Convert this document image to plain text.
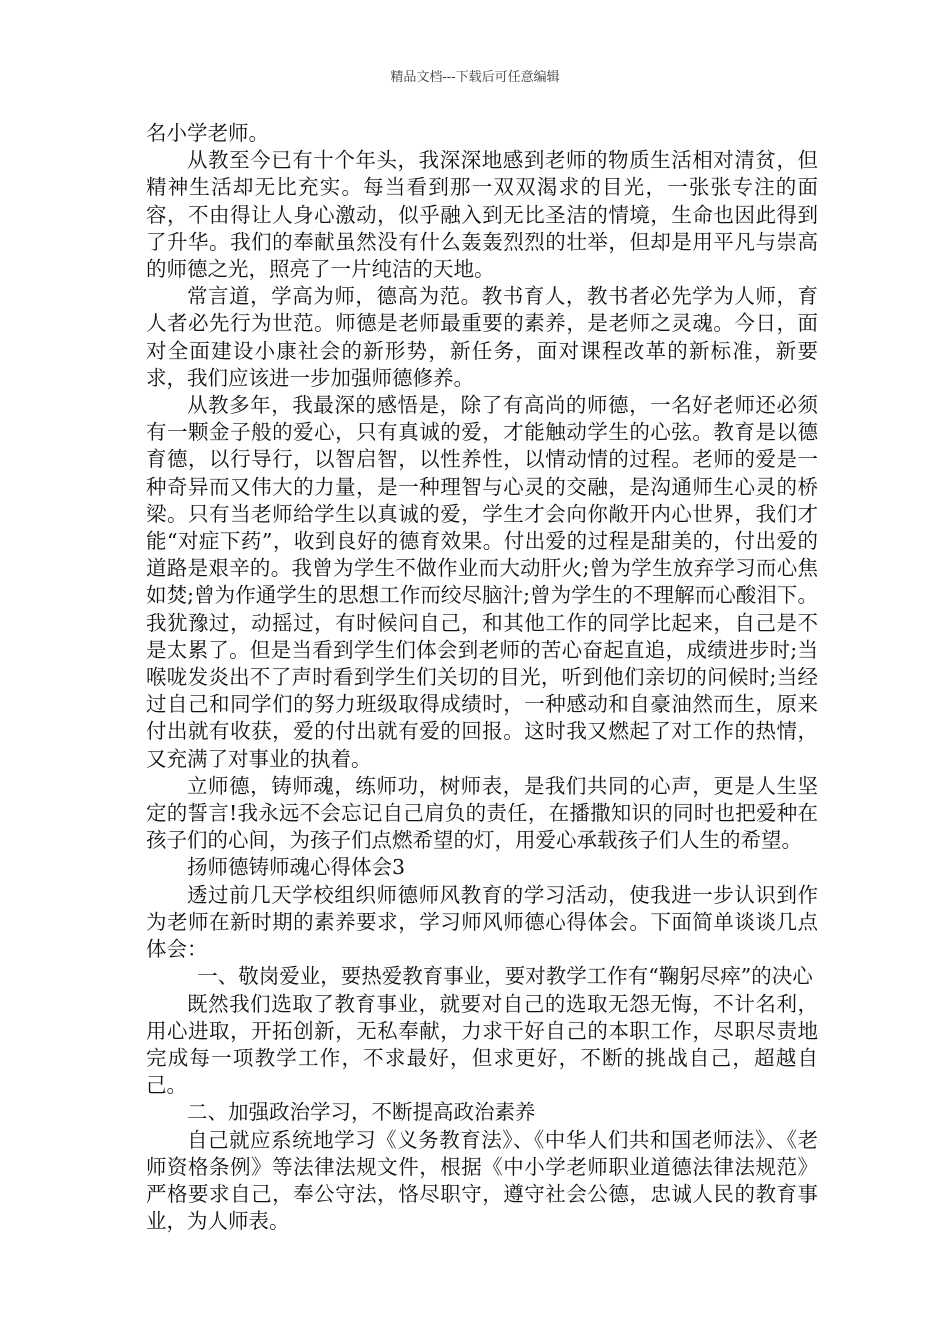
精品文档---下载后可任意编辑

名小学老师。

从教至今已有十个年头，我深深地感到老师的物质生活相对清贫，但精神生活却无比充实。每当看到那一双双渴求的目光，一张张专注的面容，不由得让人身心激动，似乎融入到无比圣洁的情境，生命也因此得到了升华。我们的奉献虽然没有什么轰轰烈烈的壮举，但却是用平凡与崇高的师德之光，照亮了一片纯洁的天地。

常言道，学高为师，德高为范。教书育人，教书者必先学为人师，育人者必先行为世范。师德是老师最重要的素养，是老师之灵魂。今日，面对全面建设小康社会的新形势，新任务，面对课程改革的新标准，新要求，我们应该进一步加强师德修养。

从教多年，我最深的感悟是，除了有高尚的师德，一名好老师还必须有一颗金子般的爱心，只有真诚的爱，才能触动学生的心弦。教育是以德育德，以行导行，以智启智，以性养性，以情动情的过程。老师的爱是一种奇异而又伟大的力量，是一种理智与心灵的交融，是沟通师生心灵的桥梁。只有当老师给学生以真诚的爱，学生才会向你敞开内心世界，我们才能“对症下药”，收到良好的德育效果。付出爱的过程是甜美的，付出爱的道路是艰辛的。我曾为学生不做作业而大动肝火;曾为学生放弃学习而心焦如焚;曾为作通学生的思想工作而绞尽脑汁;曾为学生的不理解而心酸泪下。我犹豫过，动摇过，有时候问自己，和其他工作的同学比起来，自己是不是太累了。但是当看到学生们体会到老师的苦心奋起直追，成绩进步时;当喉咙发炎出不了声时看到学生们关切的目光，听到他们亲切的问候时;当经过自己和同学们的努力班级取得成绩时，一种感动和自豪油然而生，原来付出就有收获，爱的付出就有爱的回报。这时我又燃起了对工作的热情，又充满了对事业的执着。

立师德，铸师魂，练师功，树师表，是我们共同的心声，更是人生坚定的誓言!我永远不会忘记自己肩负的责任，在播撒知识的同时也把爱种在孩子们的心间，为孩子们点燃希望的灯，用爱心承载孩子们人生的希望。

扬师德铸师魂心得体会3

透过前几天学校组织师德师风教育的学习活动，使我进一步认识到作为老师在新时期的素养要求，学习师风师德心得体会。下面简单谈谈几点体会：

一、敬岗爱业，要热爱教育事业，要对教学工作有“鞠躬尽瘁”的决心

既然我们选取了教育事业，就要对自己的选取无怨无悔，不计名利，用心进取，开拓创新，无私奉献，力求干好自己的本职工作，尽职尽责地完成每一项教学工作，不求最好，但求更好，不断的挑战自己，超越自己。

二、加强政治学习，不断提高政治素养

自己就应系统地学习《义务教育法》、《中华人们共和国老师法》、《老师资格条例》等法律法规文件，根据《中小学老师职业道德法律法规范》严格要求自己，奉公守法，恪尽职守，遵守社会公德，忠诚人民的教育事业，为人师表。
